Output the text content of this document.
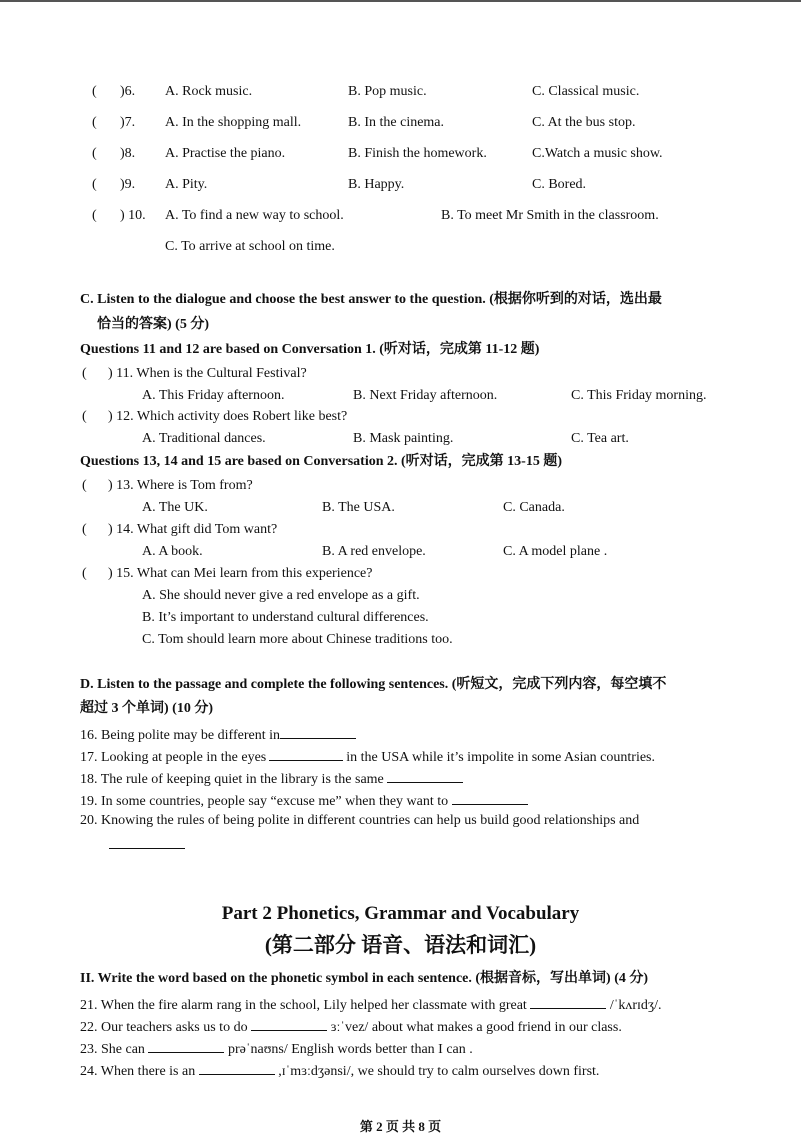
( )6. A. Rock music.	B. Pop music.	C. Classical music.
( )7. A. In the shopping mall.	B. In the cinema.	C. At the bus stop.
( )8. A. Practise the piano.	B. Finish the homework.	C.Watch a music show.
( )9. A. Pity.	B. Happy.	C. Bored.
( ) 10. A. To find a new way to school.	B. To meet Mr Smith in the classroom.
C. To arrive at school on time.
C. Listen to the dialogue and choose the best answer to the question. (根据你听到的对话，选出最
恰当的答案) (5 分)
Questions 11 and 12 are based on Conversation 1. (听对话，完成第 11-12 题)
( ) 11. When is the Cultural Festival?
A. This Friday afternoon.	B. Next Friday afternoon.	C. This Friday morning.
( ) 12. Which activity does Robert like best?
A. Traditional dances.	B. Mask painting.	C. Tea art.
Questions 13, 14 and 15 are based on Conversation 2. (听对话，完成第 13-15 题)
( ) 13. Where is Tom from?
A. The UK.	B. The USA.	C. Canada.
( ) 14. What gift did Tom want?
A. A book.	B. A red envelope.	C. A model plane .
( ) 15. What can Mei learn from this experience?
A. She should never give a red envelope as a gift.
B. It’s important to understand cultural differences.
C. Tom should learn more about Chinese traditions too.
D. Listen to the passage and complete the following sentences. (听短文，完成下列内容，每空填不
超过 3 个单词) (10 分)
16. Being polite may be different in
17. Looking at people in the eyes	in the USA while it’s impolite in some Asian countries.
18. The rule of keeping quiet in the library is the same
19. In some countries, people say “excuse me” when they want to
20. Knowing the rules of being polite in different countries can help us build good relationships and
Part 2 Phonetics, Grammar and Vocabulary
(第二部分 语音、语法和词汇)
II. Write the word based on the phonetic symbol in each sentence. (根据音标，写出单词) (4 分)
21. When the fire alarm rang in the school, Lily helped her classmate with great	/ˈkʌrɪdʒ/.
22. Our teachers asks us to do	ɜːˈvez/ about what makes a good friend in our class.
23. She can	prəˈnaʊns/ English words better than I can .
24. When there is an	,ɪˈmɜːdʒənsi/, we should try to calm ourselves down first.
第 2 页 共 8 页
